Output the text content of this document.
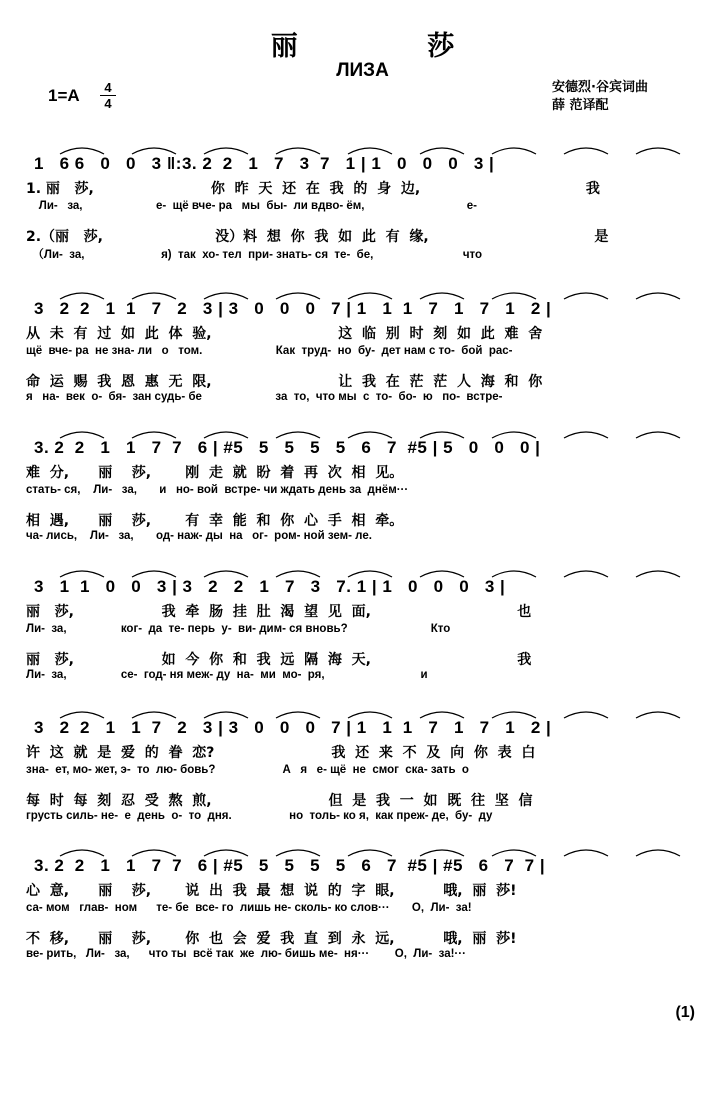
丽 莎
ЛИЗА
1=A	4
4
安德烈·谷宾词曲
薛 范译配
1   6 6   0   0   3 ‖:3. 2  2   1   7   3  7   1 | 1   0   0   0   3 |
1. 丽   莎,                        你  昨  天  还  在  我  的  身  边,                                  我
Ли-   за,                       е-  щё вче- ра   мы  бы-  ли вдво- ём,                                е-
2.（丽   莎,                       没）料  想  你  我  如  此  有  缘,                                  是
（Ли-  за,                        я)  так  хо- тел  при- знать- ся  те-  бе,                            что
3   2  2   1  1   7   2   3 | 3   0   0   0   7 | 1   1  1   7   1   7   1   2 |
从  未  有  过  如  此  体  验,                          这  临  别  时  刻  如  此  难  舍
щё  вче- ра  не зна- ли   о   том.                       Как  труд-  но  бу-  дет нам с то-  бой  рас-
命  运  赐  我  恩  惠  无  限,                          让  我  在  茫  茫  人  海  和  你
я   на-  век  о-  бя-  зан судь- бе                       за  то,  что мы  с  то-  бо-  ю   по-  встре-
3. 2  2   1   1   7  7   6 | #5   5   5   5   5   6   7  #5 | 5   0   0   0 |
难  分,      丽    莎,       刚  走  就  盼  着  再  次  相  见。
стать- ся,    Ли-   за,       и   но- вой  встре- чи ждать день за  днём···
相  遇,      丽    莎,       有  幸  能  和  你  心  手  相  牵。
ча- лись,    Ли-   за,       од- наж- ды  на   ог-  ром- ной зем- ле.
3   1  1   0   0   3 | 3   2   2   1   7   3   7. 1 | 1   0   0   0   3 |
丽   莎,                  我  牵  肠  挂  肚  渴  望  见  面,                              也
Ли-  за,                 ког-  да  те- перь  у-  ви- дим- ся вновь?                          Кто
丽   莎,                  如  今  你  和  我  远  隔  海  天,                              我
Ли-  за,                 се-  год- ня меж- ду  на-  ми  мо-  ря,                              и
3   2  2   1   1  7   2   3 | 3   0   0   0   7 | 1   1  1   7   1   7   1   2 |
许  这  就  是  爱  的  眷  恋?                        我  还  来  不  及  向  你  表  白
зна-  ет, мо- жет, э-  то  лю- бовь?                     А   я   е- щё  не  смог  ска- зать  о
每  时  每  刻  忍  受  熬  煎,                        但  是  我  一  如  既  往  坚  信
грусть силь- не-  е  день  о-  то  дня.                  но  толь- ко я,  как преж- де,  бу-  ду
3. 2  2   1   1   7  7   6 | #5   5   5   5   5   6   7  #5 | #5   6   7  7 |
心  意,      丽    莎,       说  出  我  最  想  说  的  字  眼,          哦,  丽  莎!
са- мом   глав-  ном      те- бе  все- го  лишь не- сколь- ко слов···       О,  Ли-  за!
不  移,      丽    莎,       你  也  会  爱  我  直  到  永  远,          哦,  丽  莎!
ве- рить,   Ли-   за,      что ты  всё так  же  лю- бишь ме-  ня···        О,  Ли-  за!···
(1)
